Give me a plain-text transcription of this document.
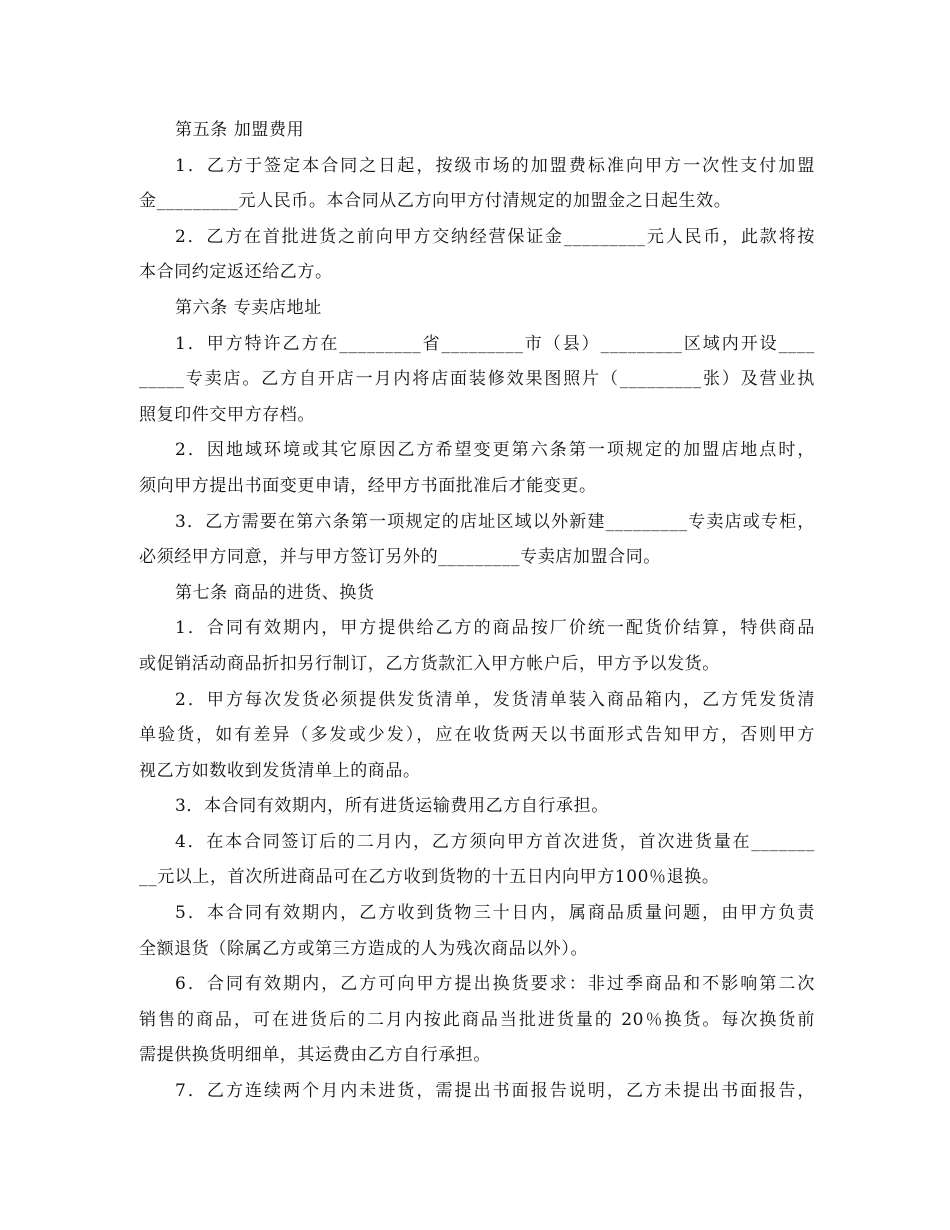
第五条 加盟费用
1．乙方于签定本合同之日起，按级市场的加盟费标准向甲方一次性支付加盟
金_________元人民币。本合同从乙方向甲方付清规定的加盟金之日起生效。
2．乙方在首批进货之前向甲方交纳经营保证金_________元人民币，此款将按
本合同约定返还给乙方。
第六条 专卖店地址
1．甲方特许乙方在_________省_________市（县）_________区域内开设____
_____专卖店。乙方自开店一月内将店面装修效果图照片（_________张）及营业执
照复印件交甲方存档。
2．因地域环境或其它原因乙方希望变更第六条第一项规定的加盟店地点时，
须向甲方提出书面变更申请，经甲方书面批准后才能变更。
3．乙方需要在第六条第一项规定的店址区域以外新建_________专卖店或专柜，
必须经甲方同意，并与甲方签订另外的_________专卖店加盟合同。
第七条 商品的进货、换货
1．合同有效期内，甲方提供给乙方的商品按厂价统一配货价结算，特供商品
或促销活动商品折扣另行制订，乙方货款汇入甲方帐户后，甲方予以发货。
2．甲方每次发货必须提供发货清单，发货清单装入商品箱内，乙方凭发货清
单验货，如有差异（多发或少发），应在收货两天以书面形式告知甲方，否则甲方
视乙方如数收到发货清单上的商品。
3．本合同有效期内，所有进货运输费用乙方自行承担。
4．在本合同签订后的二月内，乙方须向甲方首次进货，首次进货量在_______
__元以上，首次所进商品可在乙方收到货物的十五日内向甲方100％退换。
5．本合同有效期内，乙方收到货物三十日内，属商品质量问题，由甲方负责
全额退货（除属乙方或第三方造成的人为残次商品以外）。
6．合同有效期内，乙方可向甲方提出换货要求：非过季商品和不影响第二次
销售的商品，可在进货后的二月内按此商品当批进货量的 20％换货。每次换货前
需提供换货明细单，其运费由乙方自行承担。
7．乙方连续两个月内未进货，需提出书面报告说明，乙方未提出书面报告，
